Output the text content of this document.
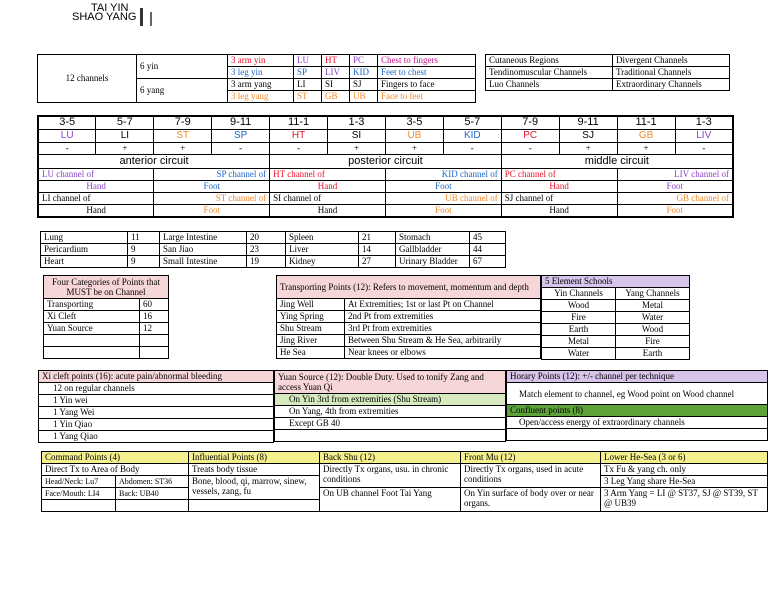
TAI YIN
SHAO YANG
12 channels	6 yin	3 arm yin	LU	HT	PC	Chest to fingers
		3 leg yin	SP	LIV	KID	Feet to chest
	6 yang	3 arm yang	LI	SI	SJ	Fingers to face
		3 leg yang	ST	GB	UB	Face to feet
Cutaneous Regions	Divergent Channels
Tendinomuscular Channels	Traditional Channels
Luo Channels	Extraordinary Channels
3-5	5-7	7-9	9-11	11-1	1-3	3-5	5-7	7-9	9-11	11-1	1-3
LU	LI	ST	SP	HT	SI	UB	KID	PC	SJ	GB	LIV
-	+	+	-	-	+	+	-	-	+	+	-
anterior circuit				posterior circuit				middle circuit			
LU channel of		SP channel of		HT channel of		KID channel of		PC channel of		LIV channel of	
Hand		Foot		Hand		Foot		Hand		Foot	
LI channel of		ST channel of		SI channel of		UB channel of		SJ channel of		GB channel of	
Hand		Foot		Hand		Foot		Hand		Foot	
Lung	11	Large Intestine	20	Spleen	21	Stomach	45
Pericardium	9	San Jiao	23	Liver	14	Gallbladder	44
Heart	9	Small Intestine	19	Kidney	27	Urinary Bladder	67
Four Categories of Points that MUST be on Channel	
Transporting	60
Xi Cleft	16
Yuan Source	12

Transporting Points (12): Refers to movement, momentum and depth	
Jing Well	At Extremities; 1st or last Pt on Channel
Ying Spring	2nd Pt from extremities
Shu Stream	3rd Pt from extremities
Jing River	Between Shu Stream & He Sea, arbitrarily
He Sea	Near knees or elbows
5 Element Schools	
Yin Channels	Yang Channels
Wood	Metal
Fire	Water
Earth	Wood
Metal	Fire
Water	Earth
Xi cleft points (16): acute pain/abnormal bleeding
12 on regular channels
1 Yin wei
1 Yang Wei
1 Yin Qiao
1 Yang Qiao
Yuan Source (12): Double Duty. Used to tonify Zang and access Yuan Qi
On Yin 3rd from extremities (Shu Stream)
On Yang, 4th from extremities
Except GB 40

Horary Points (12): +/- channel per technique
Match element to channel, eg Wood point on Wood channel
Confluent points (8)
Open/access energy of extraordinary channels

Command Points (4)		Influential Points (8)	Back Shu (12)	Front Mu (12)	Lower He-Sea (3 or 6)
Direct Tx to Area of Body		Treats body tissue	Directly Tx organs, usu. in chronic conditions	Directly Tx organs, used in acute conditions	Tx Fu & yang ch. only
Head/Neck: Lu7	Abdomen: ST36	Bone, blood, qi, marrow, sinew, vessels, zang, fu			3 Leg Yang share He-Sea
Face/Mouth: LI4	Back: UB40		On UB channel Foot Tai Yang	On Yin surface of body over or near organs.	3 Arm Yang = LI @ ST37, SJ @ ST39, ST @ UB39
